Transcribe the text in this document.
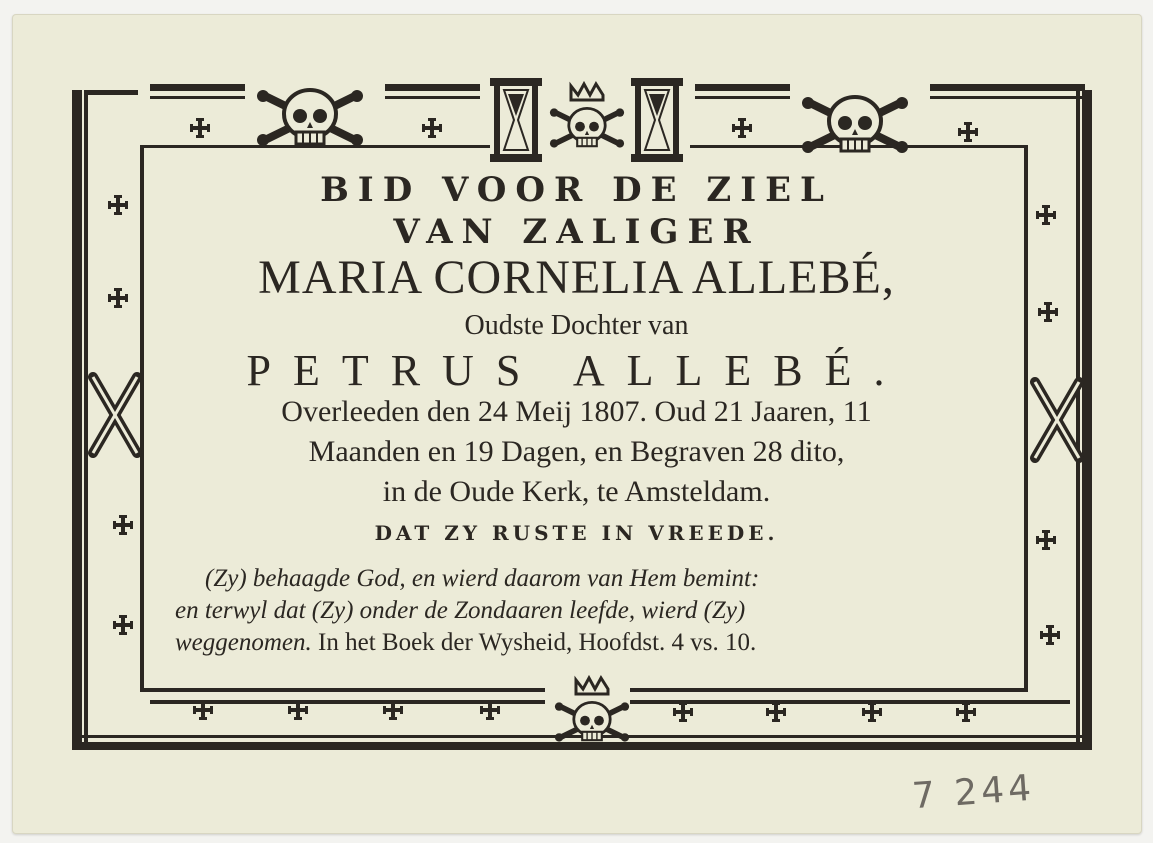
BID VOOR DE ZIEL
VAN ZALIGER
MARIA CORNELIA ALLEBÉ,
Oudste Dochter van
PETRUS ALLEBÉ.
Overleeden den 24 Meij 1807. Oud 21 Jaaren, 11
Maanden en 19 Dagen, en Begraven 28 dito,
in de Oude Kerk, te Amsteldam.
DAT ZY RUSTE IN VREEDE.
(Zy) behaagde God, en wierd daarom van Hem bemint:
en terwyl dat (Zy) onder de Zondaaren leefde, wierd (Zy)
weggenomen. In het Boek der Wysheid, Hoofdst. 4 vs. 10.
7 244
